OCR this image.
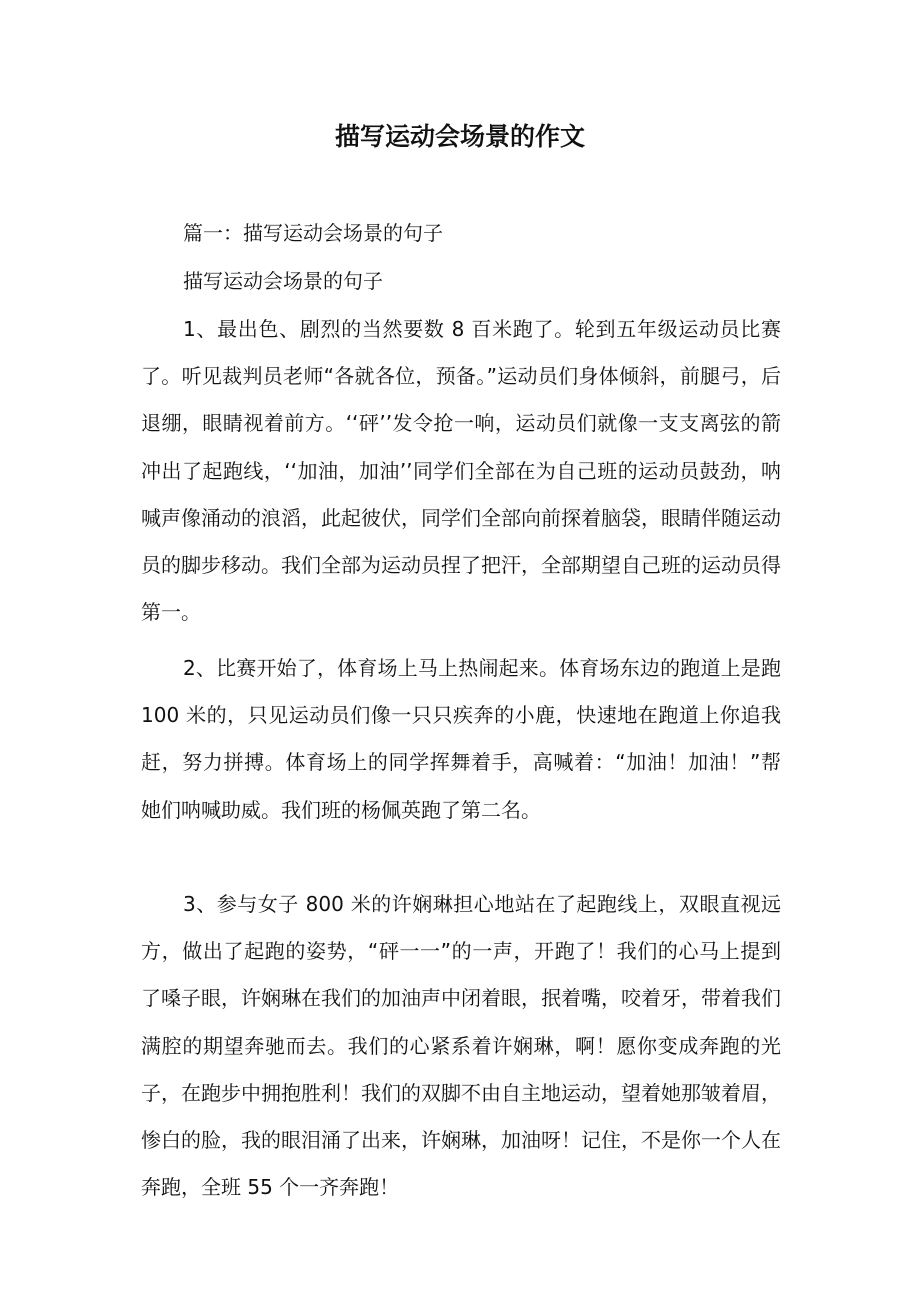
描写运动会场景的作文
篇一：描写运动会场景的句子
描写运动会场景的句子

1、最出色、剧烈的当然要数 8 百米跑了。轮到五年级运动员比赛了。听见裁判员老师“各就各位，预备。”运动员们身体倾斜，前腿弓，后退绷，眼睛视着前方。‘‘砰’’发令抢一响，运动员们就像一支支离弦的箭冲出了起跑线，‘‘加油，加油’’同学们全部在为自己班的运动员鼓劲，呐喊声像涌动的浪滔，此起彼伏，同学们全部向前探着脑袋，眼睛伴随运动员的脚步移动。我们全部为运动员捏了把汗，全部期望自己班的运动员得第一。

2、比赛开始了，体育场上马上热闹起来。体育场东边的跑道上是跑 100 米的，只见运动员们像一只只疾奔的小鹿，快速地在跑道上你追我赶，努力拼搏。体育场上的同学挥舞着手，高喊着：“加油！加油！”帮她们呐喊助威。我们班的杨佩英跑了第二名。

3、参与女子 800 米的许娴琳担心地站在了起跑线上，双眼直视远方，做出了起跑的姿势，“砰一一”的一声，开跑了！我们的心马上提到了嗓子眼，许娴琳在我们的加油声中闭着眼，抿着嘴，咬着牙，带着我们满腔的期望奔驰而去。我们的心紧系着许娴琳，啊！愿你变成奔跑的光子，在跑步中拥抱胜利！我们的双脚不由自主地运动，望着她那皱着眉，惨白的脸，我的眼泪涌了出来，许娴琳，加油呀！记住，不是你一个人在奔跑，全班 55 个一齐奔跑！
